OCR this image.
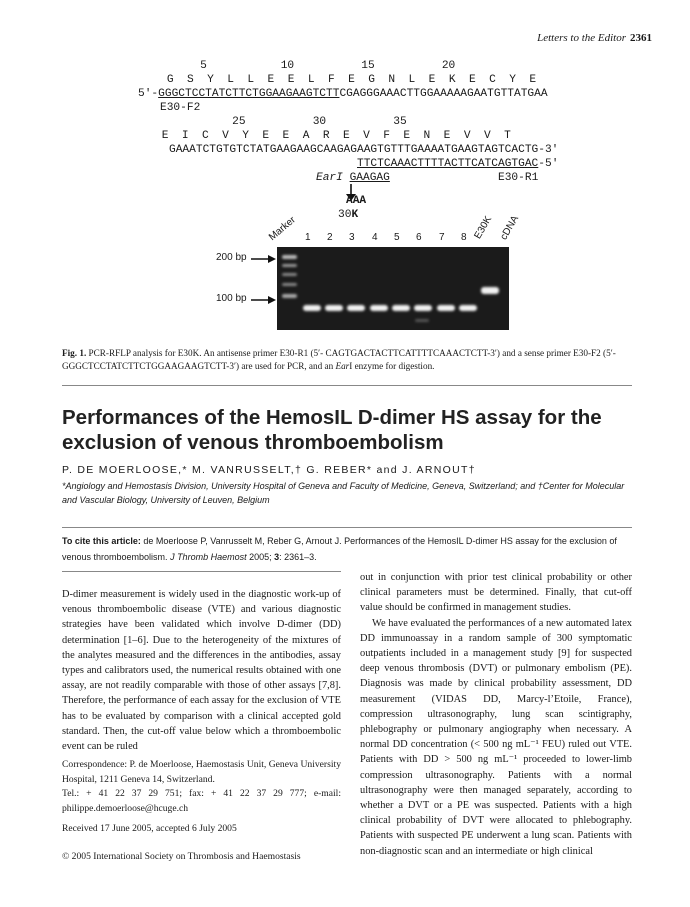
Letters to the Editor 2361
5           10          15          20
G  S  Y  L  L  E  E  L  F  E  G  N  L  E  K  E  C  Y  E
5′-GGGCTCCTATCTTCTGGAAGAAGTCTTCGAGGGAAACTTGGAAAAAGAATGTTATGAA
E30-F2
25          30          35
E  I  C  V  Y  E  E  A  R  E  V  F  E  N  E  V  V  T
GAAATCTGTGTCTATGAAGAAGCAAGAGAAGTGTTTGAAAATGAAGTAGTCACTG-3′
TTCTCAAACTTTTACTTCATCAGTGAC-5′
EarI GAAGAG	E30-R1
AAA
30K
Marker 1 2 3 4 5 6 7 8 E30K cDNA
200 bp
100 bp
Fig. 1. PCR-RFLP analysis for E30K. An antisense primer E30-R1 (5′- CAGTGACTACTTCATTTTCAAACTCTT-3′) and a sense primer E30-F2 (5′-GGGCTCCTATCTTCTGGAAGAAGTCTT-3′) are used for PCR, and an EarI enzyme for digestion.
Performances of the HemosIL D-dimer HS assay for the exclusion of venous thromboembolism
P. DE MOERLOOSE,* M. VANRUSSELT,† G. REBER* and J. ARNOUT†
*Angiology and Hemostasis Division, University Hospital of Geneva and Faculty of Medicine, Geneva, Switzerland; and †Center for Molecular and Vascular Biology, University of Leuven, Belgium
To cite this article: de Moerloose P, Vanrusselt M, Reber G, Arnout J. Performances of the HemosIL D-dimer HS assay for the exclusion of venous thromboembolism. J Thromb Haemost 2005; 3: 2361–3.

D-dimer measurement is widely used in the diagnostic work-up of venous thromboembolic disease (VTE) and various diagnostic strategies have been validated which involve D-dimer (DD) determination [1–6]. Due to the heterogeneity of the mixtures of the analytes measured and the differences in the antibodies, assay types and calibrators used, the numerical results obtained with one assay, are not readily comparable with those of other assays [7,8]. Therefore, the performance of each assay for the exclusion of VTE has to be evaluated by comparison with a clinical accepted gold standard. Then, the cut-off value below which a thromboembolic event can be ruled

Correspondence: P. de Moerloose, Haemostasis Unit, Geneva University Hospital, 1211 Geneva 14, Switzerland.
Tel.: + 41 22 37 29 751; fax: + 41 22 37 29 777; e-mail: philippe.demoerloose@hcuge.ch
Received 17 June 2005, accepted 6 July 2005

out in conjunction with prior test clinical probability or other clinical parameters must be determined. Finally, that cut-off value should be confirmed in management studies.

We have evaluated the performances of a new automated latex DD immunoassay in a random sample of 300 symptomatic outpatients included in a management study [9] for suspected deep venous thrombosis (DVT) or pulmonary embolism (PE). Diagnosis was made by clinical probability assessment, DD measurement (VIDAS DD, Marcy-l’Etoile, France), compression ultrasonography, lung scan scintigraphy, phlebography or pulmonary angiography when necessary. A normal DD concentration (< 500 ng mL⁻¹ FEU) ruled out VTE. Patients with DD > 500 ng mL⁻¹ proceeded to lower-limb compression ultrasonography. Patients with a normal ultrasonography were then managed separately, according to whether a DVT or a PE was suspected. Patients with a high clinical probability of DVT were allocated to phlebography. Patients with suspected PE underwent a lung scan. Patients with non-diagnostic scan and an intermediate or high clinical

© 2005 International Society on Thrombosis and Haemostasis
